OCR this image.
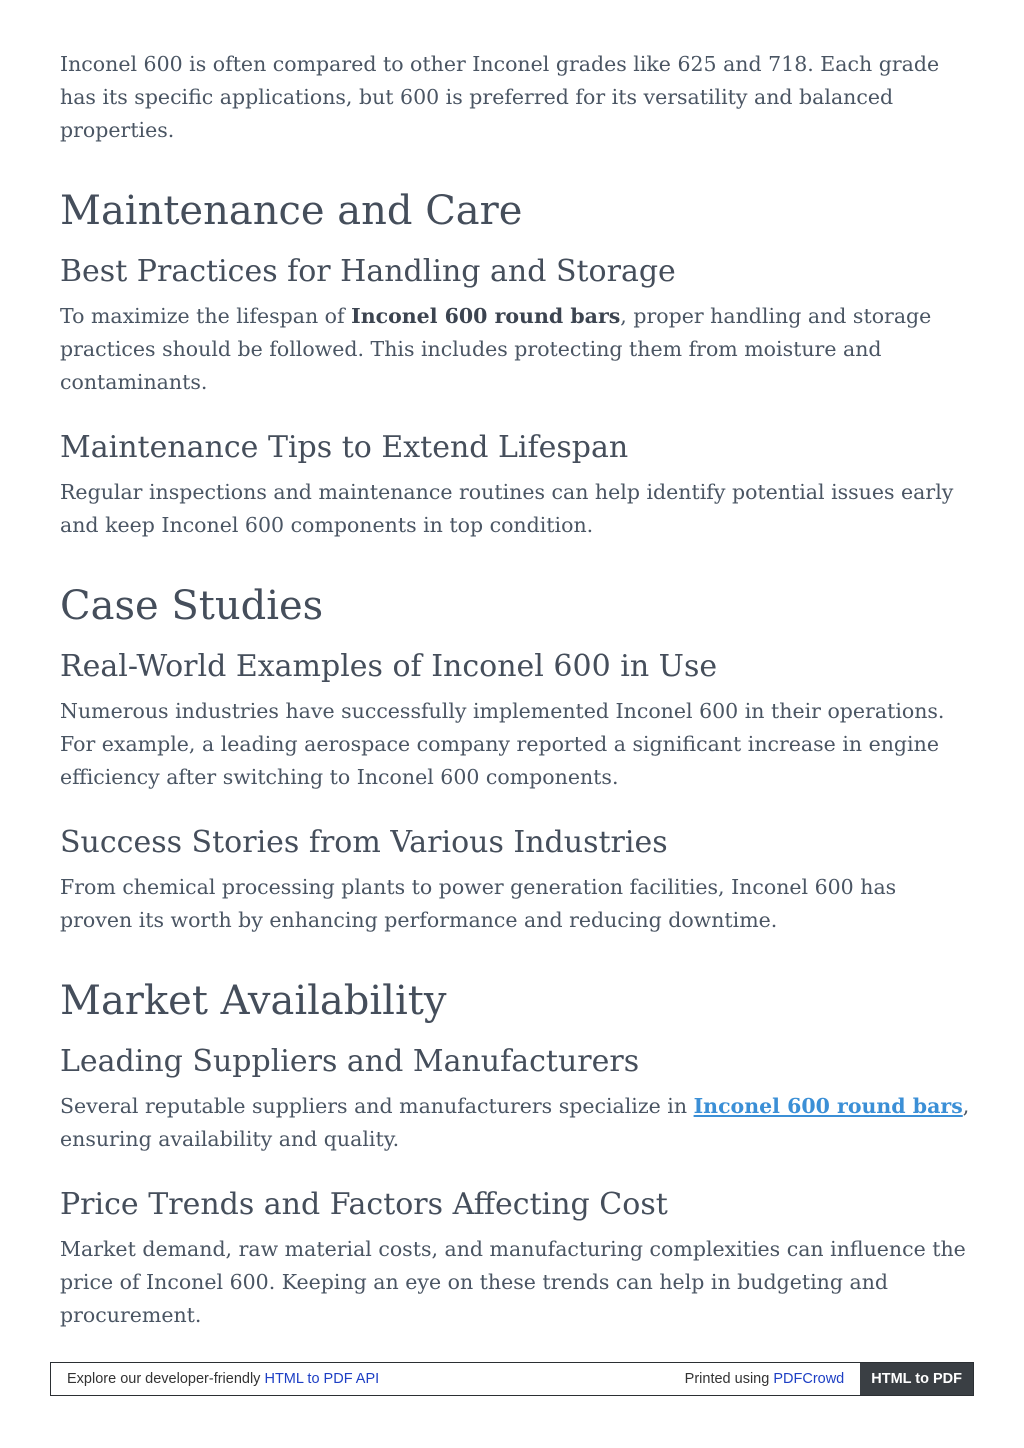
Inconel 600 is often compared to other Inconel grades like 625 and 718. Each grade has its specific applications, but 600 is preferred for its versatility and balanced properties.

Maintenance and Care
Best Practices for Handling and Storage

To maximize the lifespan of Inconel 600 round bars, proper handling and storage practices should be followed. This includes protecting them from moisture and contaminants.

Maintenance Tips to Extend Lifespan

Regular inspections and maintenance routines can help identify potential issues early and keep Inconel 600 components in top condition.

Case Studies
Real-World Examples of Inconel 600 in Use

Numerous industries have successfully implemented Inconel 600 in their operations. For example, a leading aerospace company reported a significant increase in engine efficiency after switching to Inconel 600 components.

Success Stories from Various Industries

From chemical processing plants to power generation facilities, Inconel 600 has proven its worth by enhancing performance and reducing downtime.

Market Availability
Leading Suppliers and Manufacturers

Several reputable suppliers and manufacturers specialize in Inconel 600 round bars, ensuring availability and quality.

Price Trends and Factors Affecting Cost

Market demand, raw material costs, and manufacturing complexities can influence the price of Inconel 600. Keeping an eye on these trends can help in budgeting and procurement.

Explore our developer-friendly HTML to PDF API	Printed using PDFCrowd	HTML to PDF
